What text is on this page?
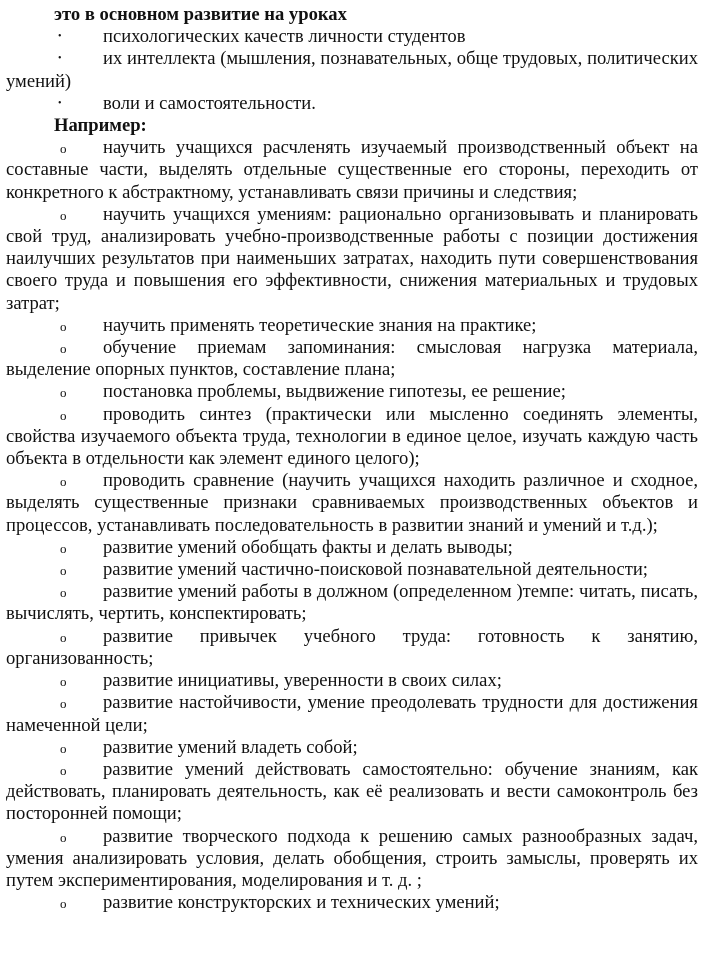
это в основном развитие на уроках

•	психологических качеств личности студентов

•	их интеллекта (мышления, познавательных, обще трудовых, политических умений)

•	воли и самостоятельности.

Например:

o	научить учащихся расчленять изучаемый производственный объект на составные части, выделять отдельные существенные его стороны, переходить от конкретного к абстрактному, устанавливать связи причины и следствия;

o	научить учащихся умениям: рационально организовывать и планировать свой труд, анализировать учебно-производственные работы с позиции достижения наилучших результатов при наименьших затратах, находить пути совершенствования своего труда и повышения его эффективности, снижения материальных и трудовых затрат;

o	научить применять теоретические знания на практике;

o	обучение приемам запоминания: смысловая нагрузка материала, выделение опорных пунктов, составление плана;

o	постановка проблемы, выдвижение гипотезы, ее решение;

o	проводить синтез (практически или мысленно соединять элементы, свойства изучаемого объекта труда, технологии в единое целое, изучать каждую часть объекта в отдельности как элемент единого целого);

o	проводить сравнение (научить учащихся находить различное и сходное, выделять существенные признаки сравниваемых производственных объектов и процессов, устанавливать последовательность в развитии знаний и умений и т.д.);

o	развитие умений обобщать факты и делать выводы;

o	развитие умений частично-поисковой познавательной деятельности;

o	развитие умений работы в должном (определенном )темпе: читать, писать, вычислять, чертить, конспектировать;

o	развитие привычек учебного труда: готовность к занятию, организованность;

o	развитие инициативы, уверенности в своих силах;

o	развитие настойчивости, умение преодолевать трудности для достижения намеченной цели;

o	развитие умений владеть собой;

o	развитие умений действовать самостоятельно: обучение знаниям, как действовать, планировать деятельность, как её реализовать и вести самоконтроль без посторонней помощи;

o	развитие творческого подхода к решению самых разнообразных задач, умения анализировать условия, делать обобщения, строить замыслы, проверять их путем экспериментирования, моделирования и т. д. ;

o	развитие конструкторских и технических умений;
